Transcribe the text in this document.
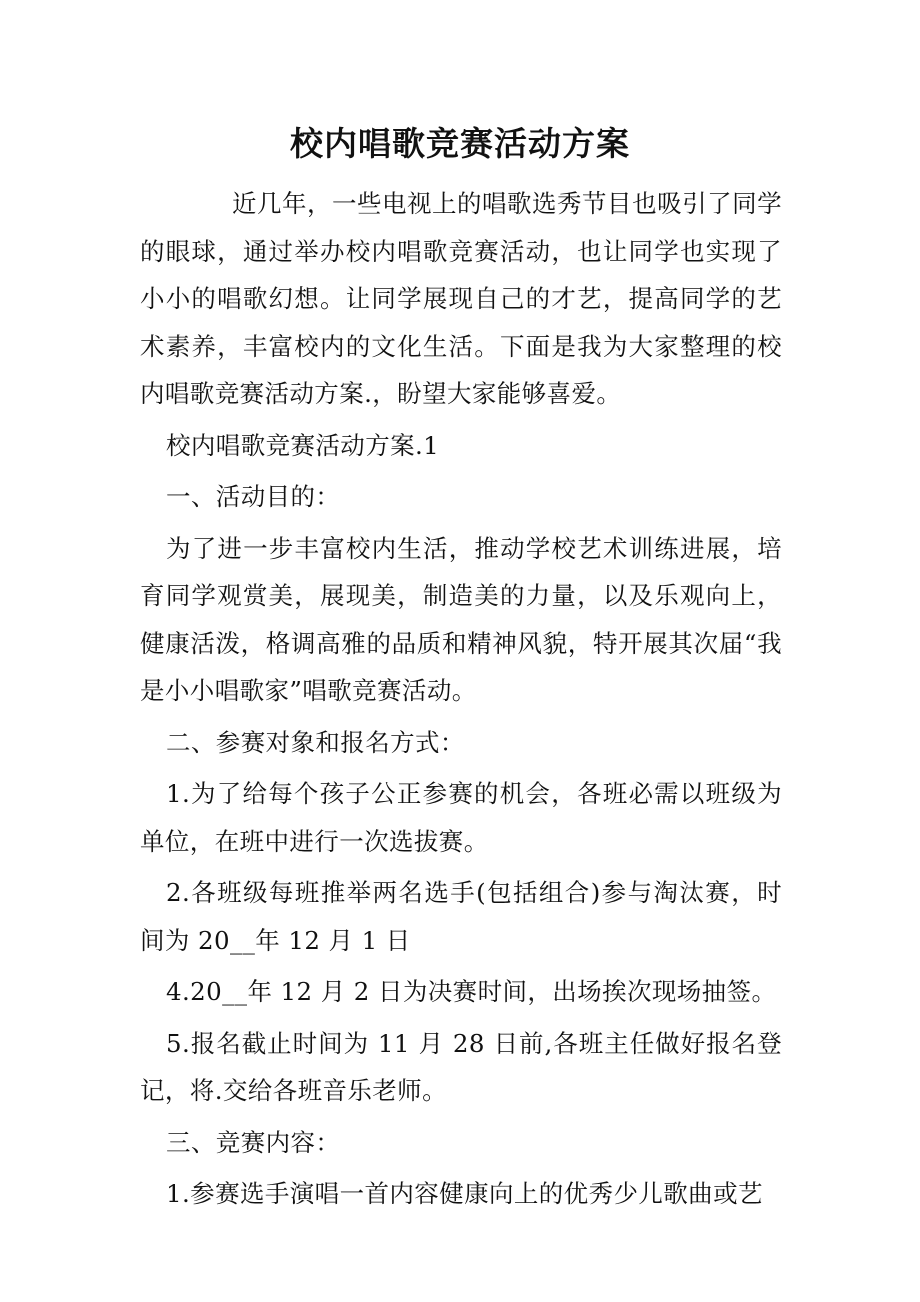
校内唱歌竞赛活动方案

近几年，一些电视上的唱歌选秀节目也吸引了同学的眼球，通过举办校内唱歌竞赛活动，也让同学也实现了小小的唱歌幻想。让同学展现自己的才艺，提高同学的艺术素养，丰富校内的文化生活。下面是我为大家整理的校内唱歌竞赛活动方案.，盼望大家能够喜爱。

校内唱歌竞赛活动方案.1

一、活动目的：

为了进一步丰富校内生活，推动学校艺术训练进展，培育同学观赏美，展现美，制造美的力量，以及乐观向上，健康活泼，格调高雅的品质和精神风貌，特开展其次届“我是小小唱歌家”唱歌竞赛活动。

二、参赛对象和报名方式：

1.为了给每个孩子公正参赛的机会，各班必需以班级为单位，在班中进行一次选拔赛。

2.各班级每班推举两名选手(包括组合)参与淘汰赛，时间为 20__年 12 月 1 日

4.20__年 12 月 2 日为决赛时间，出场挨次现场抽签。

5.报名截止时间为 11 月 28 日前,各班主任做好报名登记，将.交给各班音乐老师。

三、竞赛内容：

1.参赛选手演唱一首内容健康向上的优秀少儿歌曲或艺
